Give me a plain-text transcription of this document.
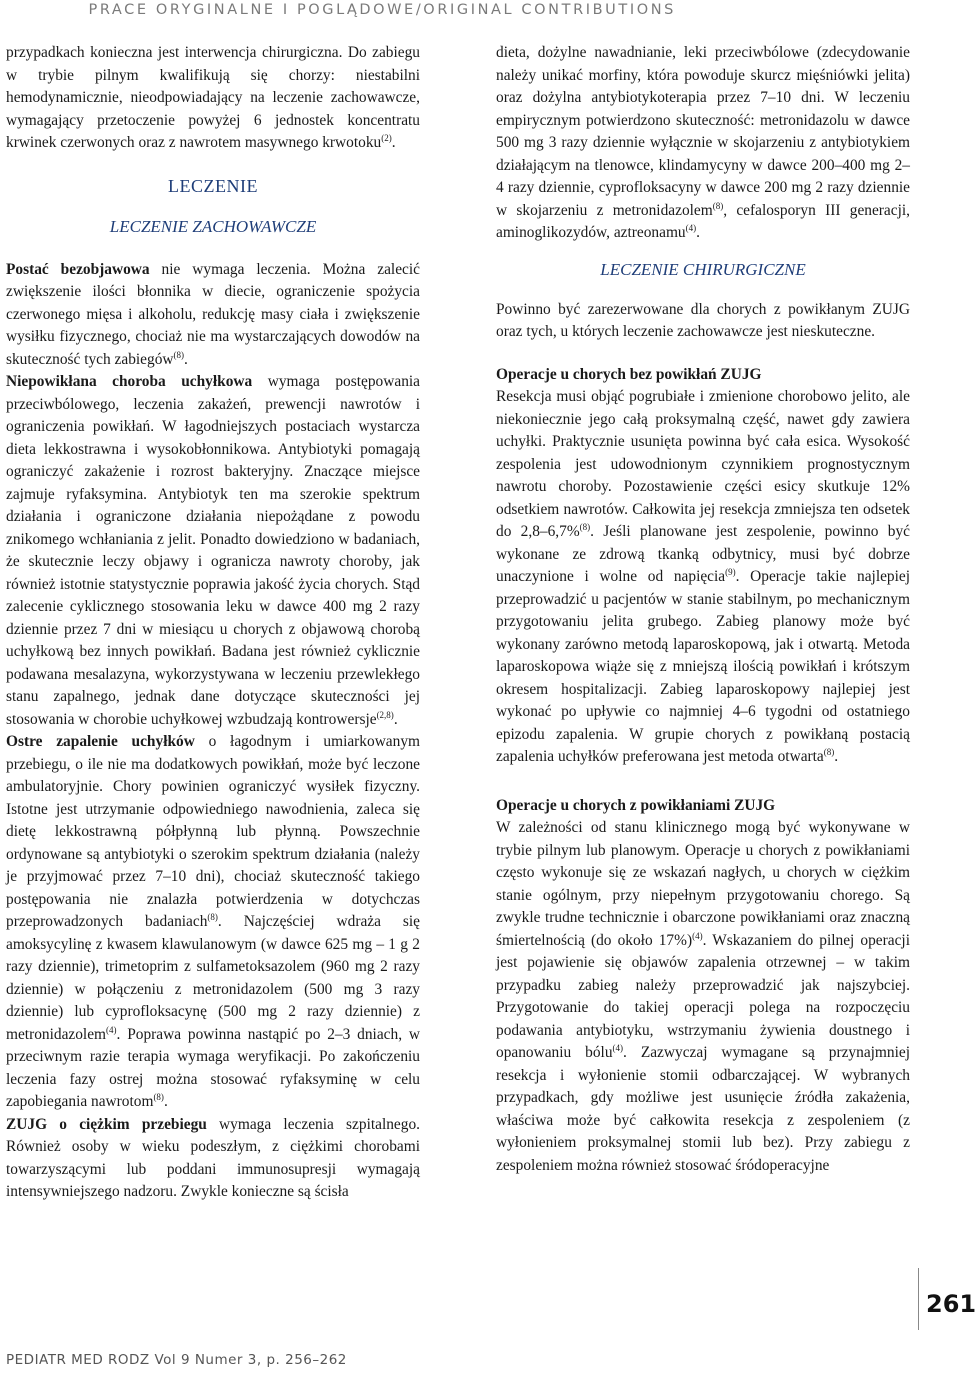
PRACE ORYGINALNE I POGLĄDOWE/ORIGINAL CONTRIBUTIONS

przypadkach konieczna jest interwencja chirurgiczna. Do zabiegu w trybie pilnym kwalifikują się chorzy: niestabilni hemodynamicznie, nieodpowiadający na leczenie zachowawcze, wymagający przetoczenie powyżej 6 jednostek koncentratu krwinek czerwonych oraz z nawrotem masywnego krwotoku$^{(2)}$.

LECZENIE
LECZENIE ZACHOWAWCZE

Postać bezobjawowa nie wymaga leczenia. Można zalecić zwiększenie ilości błonnika w diecie, ograniczenie spożycia czerwonego mięsa i alkoholu, redukcję masy ciała i zwiększenie wysiłku fizycznego, chociaż nie ma wystarczających dowodów na skuteczność tych zabiegów$^{(8)}$.

Niepowikłana choroba uchyłkowa wymaga postępowania przeciwbólowego, leczenia zakażeń, prewencji nawrotów i ograniczenia powikłań. W łagodniejszych postaciach wystarcza dieta lekkostrawna i wysokobłonnikowa. Antybiotyki pomagają ograniczyć zakażenie i rozrost bakteryjny. Znaczące miejsce zajmuje ryfaksymina. Antybiotyk ten ma szerokie spektrum działania i ograniczone działania niepożądane z powodu znikomego wchłaniania z jelit. Ponadto dowiedziono w badaniach, że skutecznie leczy objawy i ogranicza nawroty choroby, jak również istotnie statystycznie poprawia jakość życia chorych. Stąd zalecenie cyklicznego stosowania leku w dawce 400 mg 2 razy dziennie przez 7 dni w miesiącu u chorych z objawową chorobą uchyłkową bez innych powikłań. Badana jest również cyklicznie podawana mesalazyna, wykorzystywana w leczeniu przewlekłego stanu zapalnego, jednak dane dotyczące skuteczności jej stosowania w chorobie uchyłkowej wzbudzają kontrowersje$^{(2,8)}$.

Ostre zapalenie uchyłków o łagodnym i umiarkowanym przebiegu, o ile nie ma dodatkowych powikłań, może być leczone ambulatoryjnie. Chory powinien ograniczyć wysiłek fizyczny. Istotne jest utrzymanie odpowiedniego nawodnienia, zaleca się dietę lekkostrawną półpłynną lub płynną. Powszechnie ordynowane są antybiotyki o szerokim spektrum działania (należy je przyjmować przez 7–10 dni), chociaż skuteczność takiego postępowania nie znalazła potwierdzenia w dotychczas przeprowadzonych badaniach$^{(8)}$. Najczęściej wdraża się amoksycylinę z kwasem klawulanowym (w dawce 625 mg – 1 g 2 razy dziennie), trimetoprim z sulfametoksazolem (960 mg 2 razy dziennie) w połączeniu z metronidazolem (500 mg 3 razy dziennie) lub cyprofloksacynę (500 mg 2 razy dziennie) z metronidazolem$^{(4)}$. Poprawa powinna nastąpić po 2–3 dniach, w przeciwnym razie terapia wymaga weryfikacji. Po zakończeniu leczenia fazy ostrej można stosować ryfaksyminę w celu zapobiegania nawrotom$^{(8)}$.

ZUJG o ciężkim przebiegu wymaga leczenia szpitalnego. Również osoby w wieku podeszłym, z ciężkimi chorobami towarzyszącymi lub poddani immunosupresji wymagają intensywniejszego nadzoru. Zwykle konieczne są ścisła

dieta, dożylne nawadnianie, leki przeciwbólowe (zdecydowanie należy unikać morfiny, która powoduje skurcz mięśniówki jelita) oraz dożylna antybiotykoterapia przez 7–10 dni. W leczeniu empirycznym potwierdzono skuteczność: metronidazolu w dawce 500 mg 3 razy dziennie wyłącznie w skojarzeniu z antybiotykiem działającym na tlenowce, klindamycyny w dawce 200–400 mg 2–4 razy dziennie, cyprofloksacyny w dawce 200 mg 2 razy dziennie w skojarzeniu z metronidazolem$^{(8)}$, cefalosporyn III generacji, aminoglikozydów, aztreonamu$^{(4)}$.

LECZENIE CHIRURGICZNE

Powinno być zarezerwowane dla chorych z powikłanym ZUJG oraz tych, u których leczenie zachowawcze jest nieskuteczne.

Operacje u chorych bez powikłań ZUJG

Resekcja musi objąć pogrubiałe i zmienione chorobowo jelito, ale niekoniecznie jego całą proksymalną część, nawet gdy zawiera uchyłki. Praktycznie usunięta powinna być cała esica. Wysokość zespolenia jest udowodnionym czynnikiem prognostycznym nawrotu choroby. Pozostawienie części esicy skutkuje 12% odsetkiem nawrotów. Całkowita jej resekcja zmniejsza ten odsetek do 2,8–6,7%$^{(8)}$. Jeśli planowane jest zespolenie, powinno być wykonane ze zdrową tkanką odbytnicy, musi być dobrze unaczynione i wolne od napięcia$^{(9)}$. Operacje takie najlepiej przeprowadzić u pacjentów w stanie stabilnym, po mechanicznym przygotowaniu jelita grubego. Zabieg planowy może być wykonany zarówno metodą laparoskopową, jak i otwartą. Metoda laparoskopowa wiąże się z mniejszą ilością powikłań i krótszym okresem hospitalizacji. Zabieg laparoskopowy najlepiej jest wykonać po upływie co najmniej 4–6 tygodni od ostatniego epizodu zapalenia. W grupie chorych z powikłaną postacią zapalenia uchyłków preferowana jest metoda otwarta$^{(8)}$.

Operacje u chorych z powikłaniami ZUJG

W zależności od stanu klinicznego mogą być wykonywane w trybie pilnym lub planowym. Operacje u chorych z powikłaniami często wykonuje się ze wskazań nagłych, u chorych w ciężkim stanie ogólnym, przy niepełnym przygotowaniu chorego. Są zwykle trudne technicznie i obarczone powikłaniami oraz znaczną śmiertelnością (do około 17%)$^{(4)}$. Wskazaniem do pilnej operacji jest pojawienie się objawów zapalenia otrzewnej – w takim przypadku zabieg należy przeprowadzić jak najszybciej. Przygotowanie do takiej operacji polega na rozpoczęciu podawania antybiotyku, wstrzymaniu żywienia doustnego i opanowaniu bólu$^{(4)}$. Zazwyczaj wymagane są przynajmniej resekcja i wyłonienie stomii odbarczającej. W wybranych przypadkach, gdy możliwe jest usunięcie źródła zakażenia, właściwa może być całkowita resekcja z zespoleniem (z wyłonieniem proksymalnej stomii lub bez). Przy zabiegu z zespoleniem można również stosować śródoperacyjne

261
PEDIATR MED RODZ Vol 9 Numer 3, p. 256–262
